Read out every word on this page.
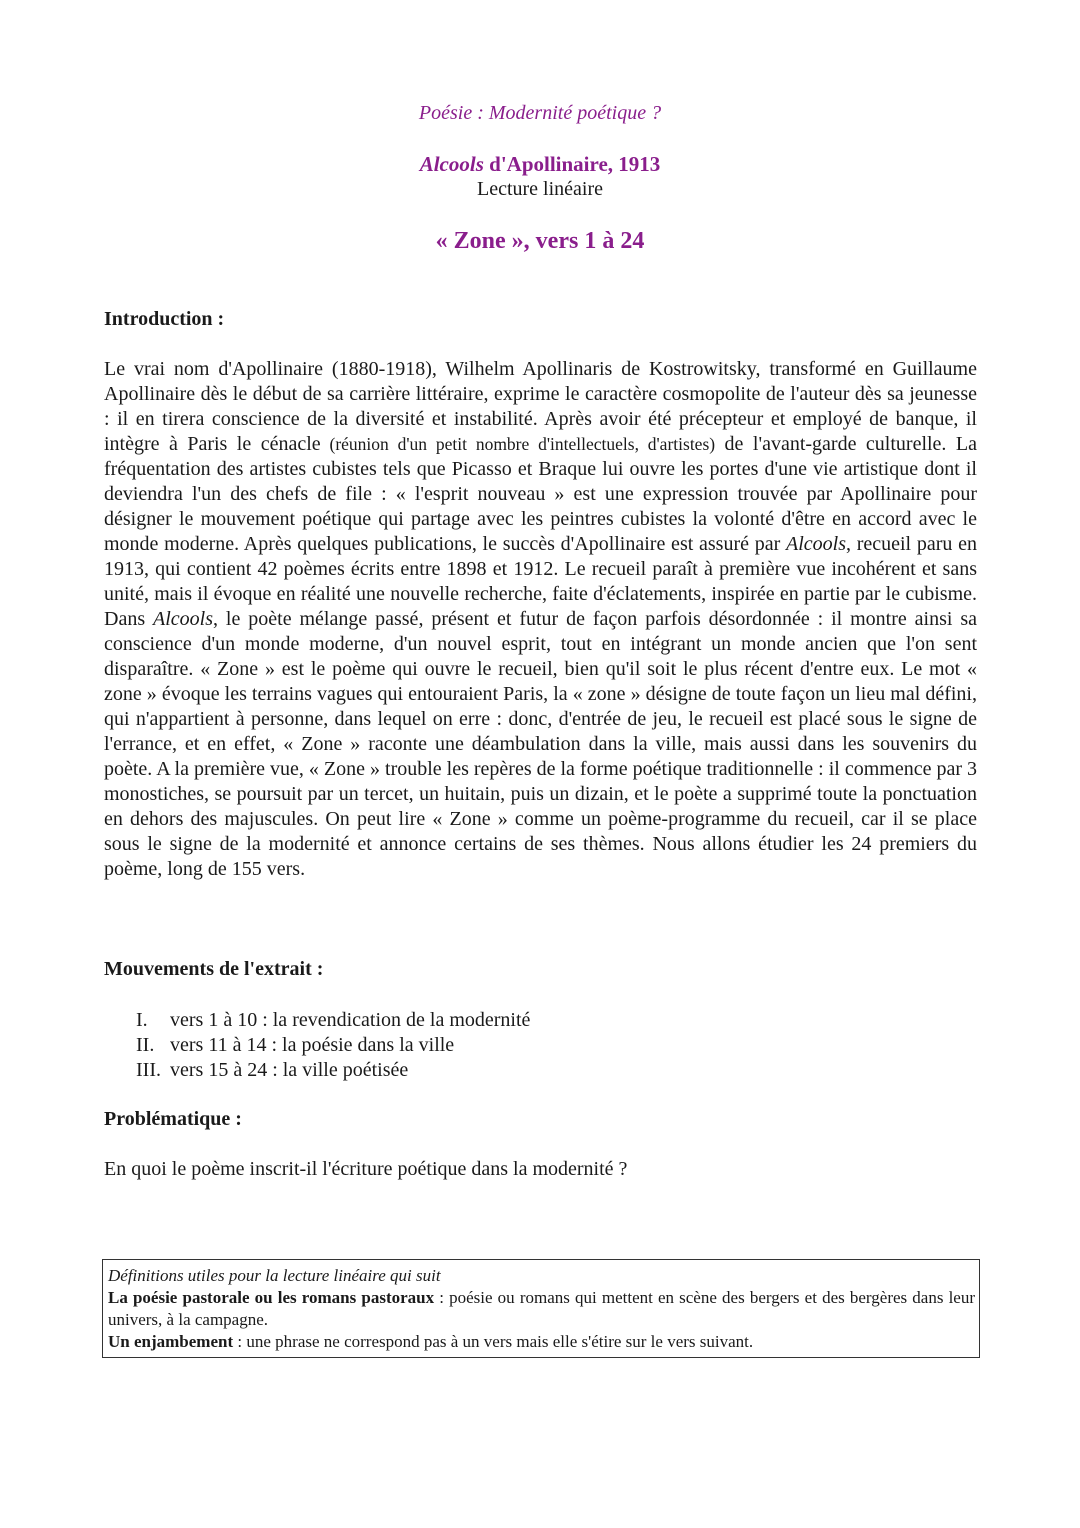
Poésie : Modernité poétique ?
Alcools d'Apollinaire, 1913
Lecture linéaire
« Zone », vers 1 à 24
Introduction :

Le vrai nom d'Apollinaire (1880-1918), Wilhelm Apollinaris de Kostrowitsky, transformé en Guillaume Apollinaire dès le début de sa carrière littéraire, exprime le caractère cosmopolite de l'auteur dès sa jeunesse : il en tirera conscience de la diversité et instabilité. Après avoir été précepteur et employé de banque, il intègre à Paris le cénacle (réunion d'un petit nombre d'intellectuels, d'artistes) de l'avant-garde culturelle. La fréquentation des artistes cubistes tels que Picasso et Braque lui ouvre les portes d'une vie artistique dont il deviendra l'un des chefs de file : « l'esprit nouveau » est une expression trouvée par Apollinaire pour désigner le mouvement poétique qui partage avec les peintres cubistes la volonté d'être en accord avec le monde moderne. Après quelques publications, le succès d'Apollinaire est assuré par Alcools, recueil paru en 1913, qui contient 42 poèmes écrits entre 1898 et 1912. Le recueil paraît à première vue incohérent et sans unité, mais il évoque en réalité une nouvelle recherche, faite d'éclatements, inspirée en partie par le cubisme. Dans Alcools, le poète mélange passé, présent et futur de façon parfois désordonnée : il montre ainsi sa conscience d'un monde moderne, d'un nouvel esprit, tout en intégrant un monde ancien que l'on sent disparaître. « Zone » est le poème qui ouvre le recueil, bien qu'il soit le plus récent d'entre eux. Le mot « zone » évoque les terrains vagues qui entouraient Paris, la « zone » désigne de toute façon un lieu mal défini, qui n'appartient à personne, dans lequel on erre : donc, d'entrée de jeu, le recueil est placé sous le signe de l'errance, et en effet, « Zone » raconte une déambulation dans la ville, mais aussi dans les souvenirs du poète. A la première vue, « Zone » trouble les repères de la forme poétique traditionnelle : il commence par 3 monostiches, se poursuit par un tercet, un huitain, puis un dizain, et le poète a supprimé toute la ponctuation en dehors des majuscules. On peut lire « Zone » comme un poème-programme du recueil, car il se place sous le signe de la modernité et annonce certains de ses thèmes. Nous allons étudier les 24 premiers du poème, long de 155 vers.

Mouvements de l'extrait :
I. vers 1 à 10 : la revendication de la modernité
II. vers 11 à 14 : la poésie dans la ville
III. vers 15 à 24 : la ville poétisée
Problématique :
En quoi le poème inscrit-il l'écriture poétique dans la modernité ?
Définitions utiles pour la lecture linéaire qui suit
La poésie pastorale ou les romans pastoraux : poésie ou romans qui mettent en scène des bergers et des bergères dans leur univers, à la campagne.
Un enjambement : une phrase ne correspond pas à un vers mais elle s'étire sur le vers suivant.
